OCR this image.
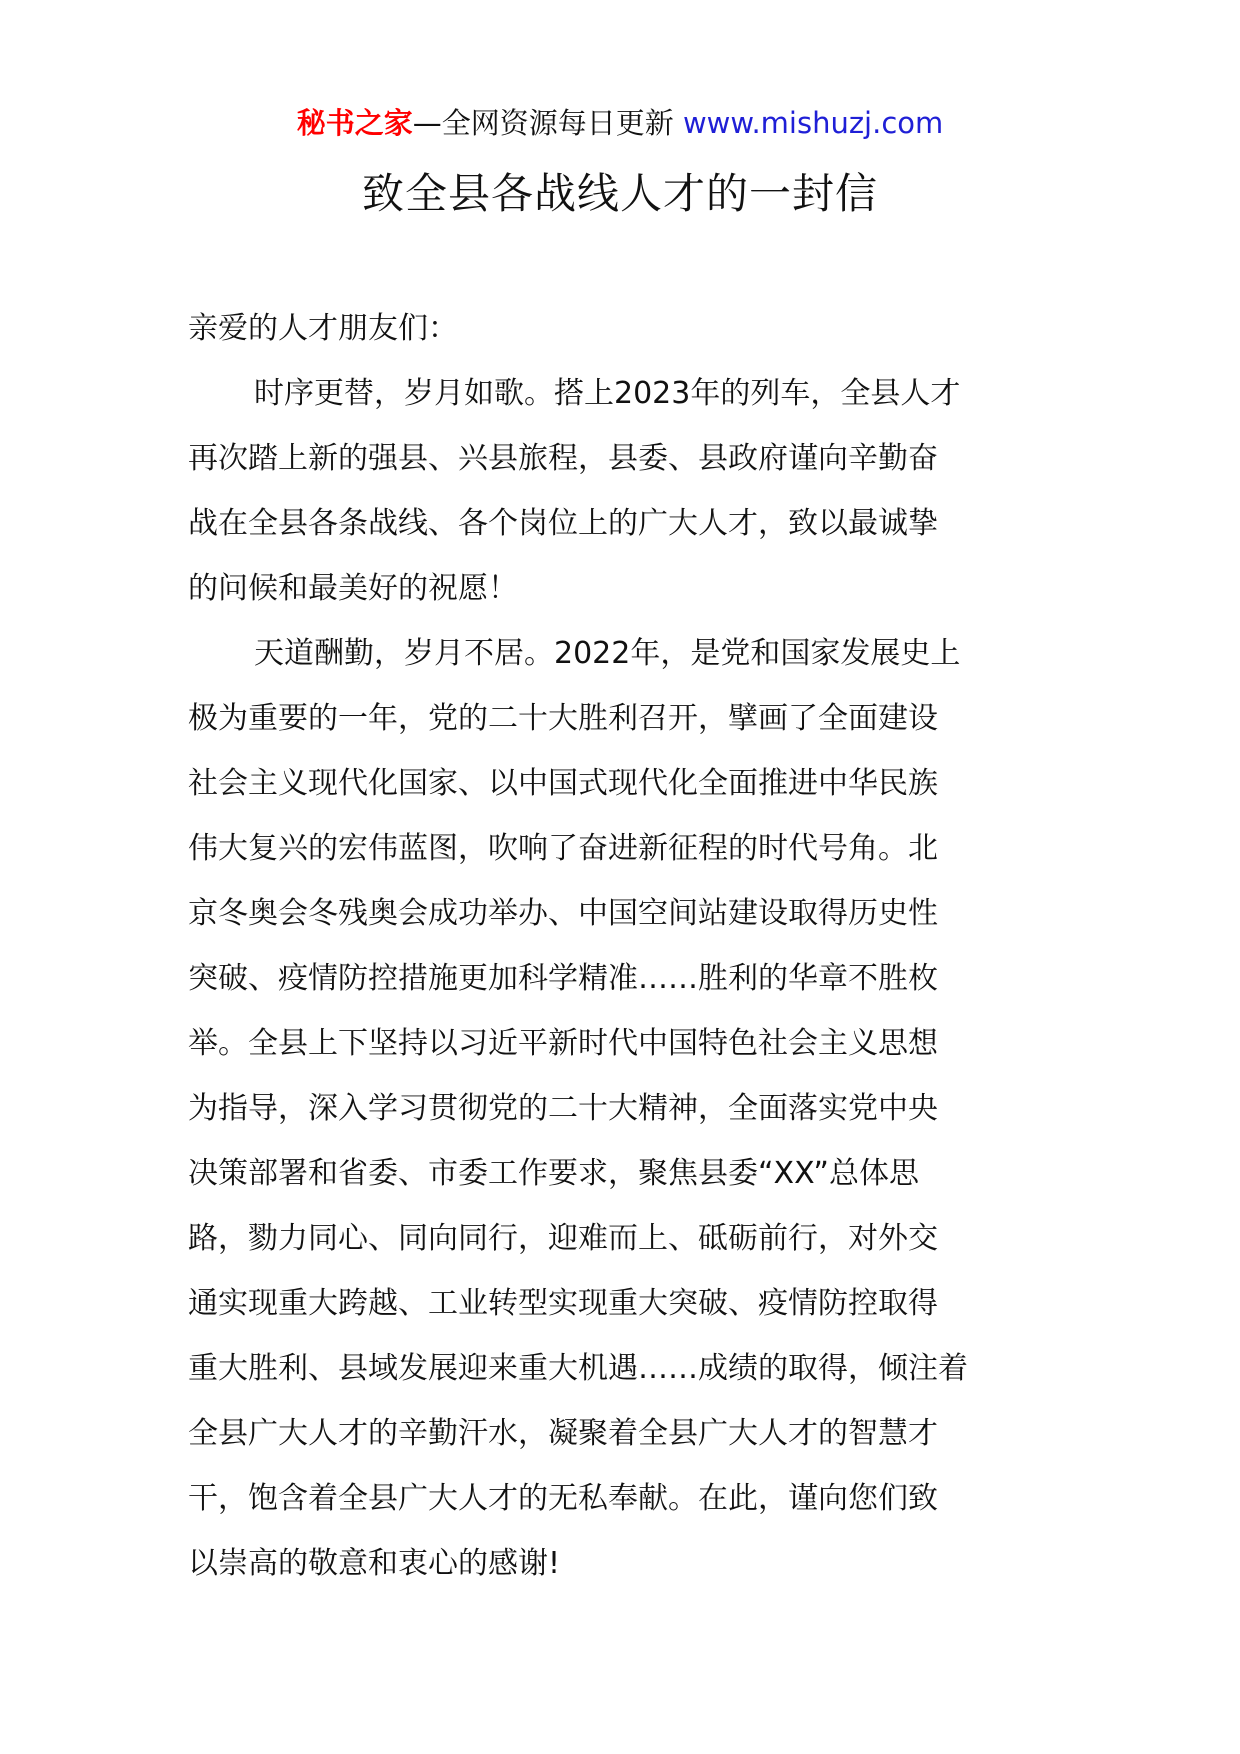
秘书之家—全网资源每日更新 www.mishuzj.com
致全县各战线人才的一封信

亲爱的人才朋友们：

时序更替，岁月如歌。搭上2023年的列车，全县人才
再次踏上新的强县、兴县旅程，县委、县政府谨向辛勤奋
战在全县各条战线、各个岗位上的广大人才，致以最诚挚
的问候和最美好的祝愿！

天道酬勤，岁月不居。2022年，是党和国家发展史上
极为重要的一年，党的二十大胜利召开，擘画了全面建设
社会主义现代化国家、以中国式现代化全面推进中华民族
伟大复兴的宏伟蓝图，吹响了奋进新征程的时代号角。北
京冬奥会冬残奥会成功举办、中国空间站建设取得历史性
突破、疫情防控措施更加科学精准……胜利的华章不胜枚
举。全县上下坚持以习近平新时代中国特色社会主义思想
为指导，深入学习贯彻党的二十大精神，全面落实党中央
决策部署和省委、市委工作要求，聚焦县委“XX”总体思
路，勠力同心、同向同行，迎难而上、砥砺前行，对外交
通实现重大跨越、工业转型实现重大突破、疫情防控取得
重大胜利、县域发展迎来重大机遇……成绩的取得，倾注着
全县广大人才的辛勤汗水，凝聚着全县广大人才的智慧才
干，饱含着全县广大人才的无私奉献。在此，谨向您们致
以崇高的敬意和衷心的感谢!
